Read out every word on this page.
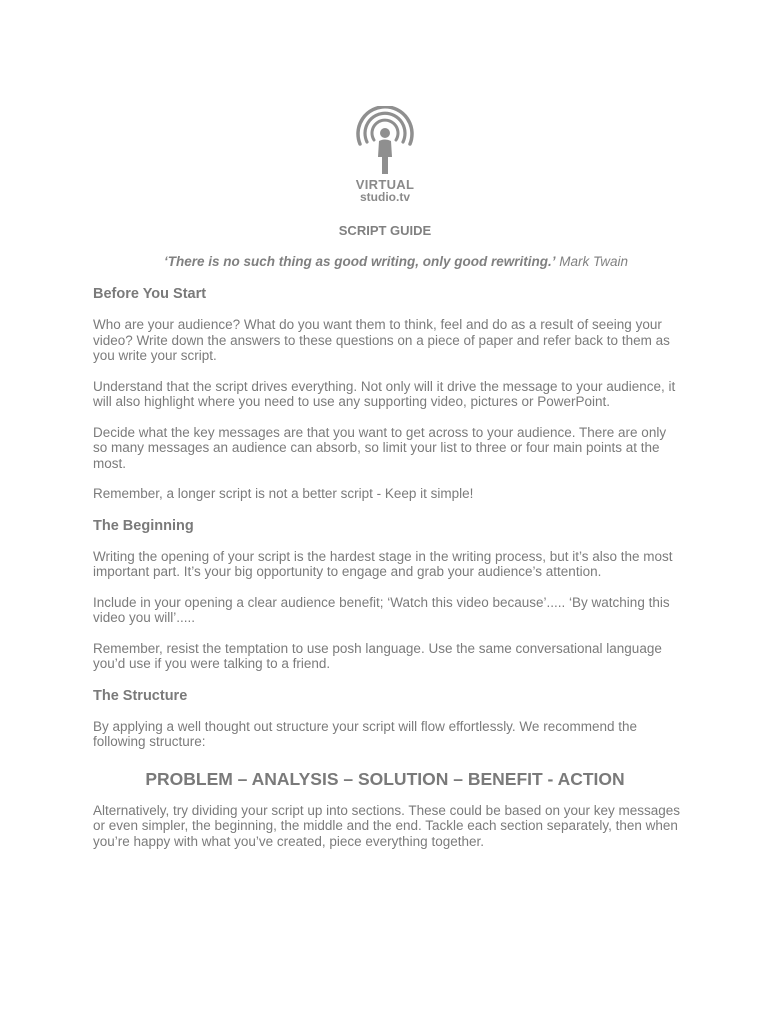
VIRTUAL
studio.tv
SCRIPT GUIDE
‘There is no such thing as good writing, only good rewriting.’ Mark Twain
Before You Start

Who are your audience? What do you want them to think, feel and do as a result of seeing your video? Write down the answers to these questions on a piece of paper and refer back to them as you write your script.

Understand that the script drives everything. Not only will it drive the message to your audience, it will also highlight where you need to use any supporting video, pictures or PowerPoint.

Decide what the key messages are that you want to get across to your audience. There are only so many messages an audience can absorb, so limit your list to three or four main points at the most.

Remember, a longer script is not a better script - Keep it simple!

The Beginning

Writing the opening of your script is the hardest stage in the writing process, but it’s also the most important part. It’s your big opportunity to engage and grab your audience’s attention.

Include in your opening a clear audience benefit; ‘Watch this video because’..... ‘By watching this video you will’.....

Remember, resist the temptation to use posh language. Use the same conversational language you’d use if you were talking to a friend.

The Structure

By applying a well thought out structure your script will flow effortlessly. We recommend the following structure:

PROBLEM – ANALYSIS – SOLUTION – BENEFIT - ACTION

Alternatively, try dividing your script up into sections. These could be based on your key messages or even simpler, the beginning, the middle and the end. Tackle each section separately, then when you’re happy with what you’ve created, piece everything together.
